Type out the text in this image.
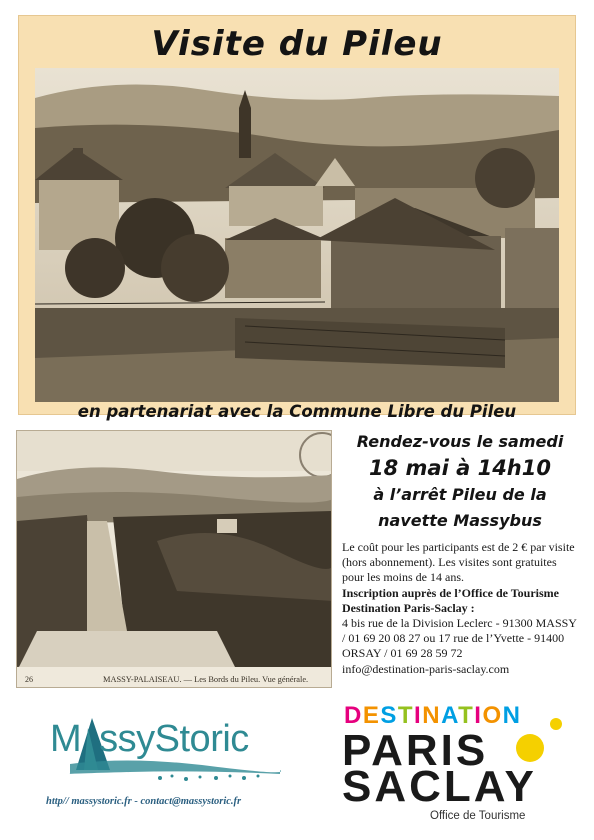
Visite du Pileu
en partenariat avec la Commune Libre du Pileu
26	MASSY-PALAISEAU. — Les Bords du Pileu. Vue générale.
Rendez-vous le samedi
18 mai à 14h10
à l’arrêt Pileu de la
navette Massybus
Le coût pour les participants est de 2 € par visite (hors abonnement). Les visites sont gratuites pour les moins de 14 ans.
Inscription auprès de l’Office de Tourisme Destination Paris-Saclay :
4 bis rue de la Division Leclerc - 91300 MASSY / 01 69 20 08 27 ou 17 rue de l’Yvette - 91400 ORSAY / 01 69 28 59 72
info@destination-paris-saclay.com
M ssyStoric
http// massystoric.fr - contact@massystoric.fr
DESTINATION
PARIS
SACLAY
Office de Tourisme
